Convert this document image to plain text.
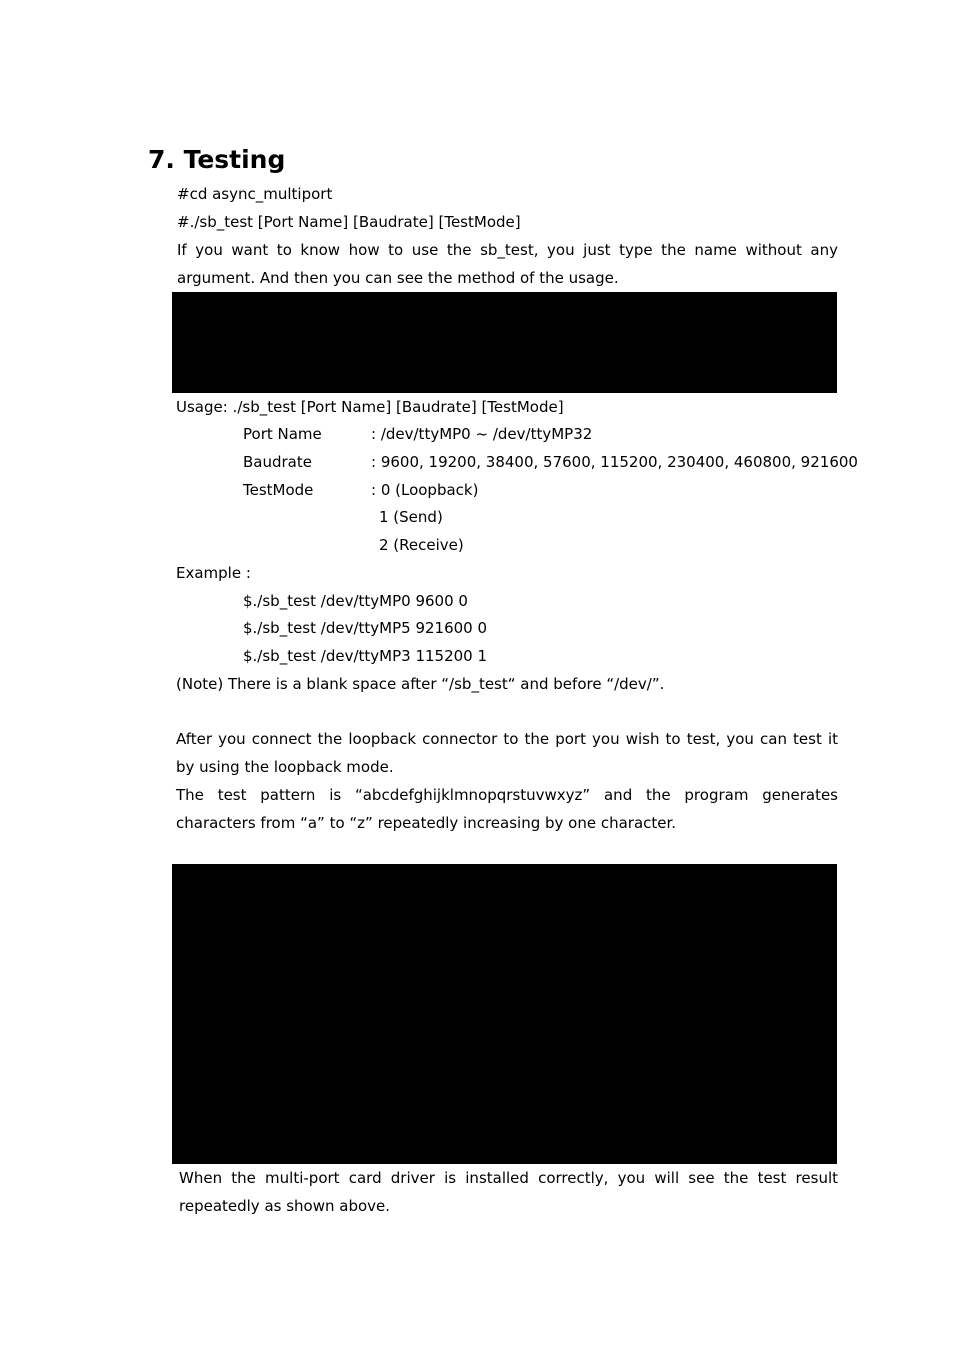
7. Testing
#cd async_multiport
#./sb_test [Port Name] [Baudrate] [TestMode]
If you want to know how to use the sb_test, you just type the name without any argument. And then you can see the method of the usage.
Usage: ./sb_test [Port Name] [Baudrate] [TestMode]
Port Name	: /dev/ttyMP0 ~ /dev/ttyMP32
Baudrate	: 9600, 19200, 38400, 57600, 115200, 230400, 460800, 921600
TestMode	: 0 (Loopback)
1 (Send)
2 (Receive)
Example :
$./sb_test /dev/ttyMP0 9600 0
$./sb_test /dev/ttyMP5 921600 0
$./sb_test /dev/ttyMP3 115200 1
(Note) There is a blank space after “/sb_test“ and before “/dev/”.
After you connect the loopback connector to the port you wish to test, you can test it by using the loopback mode.
The test pattern is “abcdefghijklmnopqrstuvwxyz” and the program generates characters from “a” to “z” repeatedly increasing by one character.
When the multi-port card driver is installed correctly, you will see the test result repeatedly as shown above.
